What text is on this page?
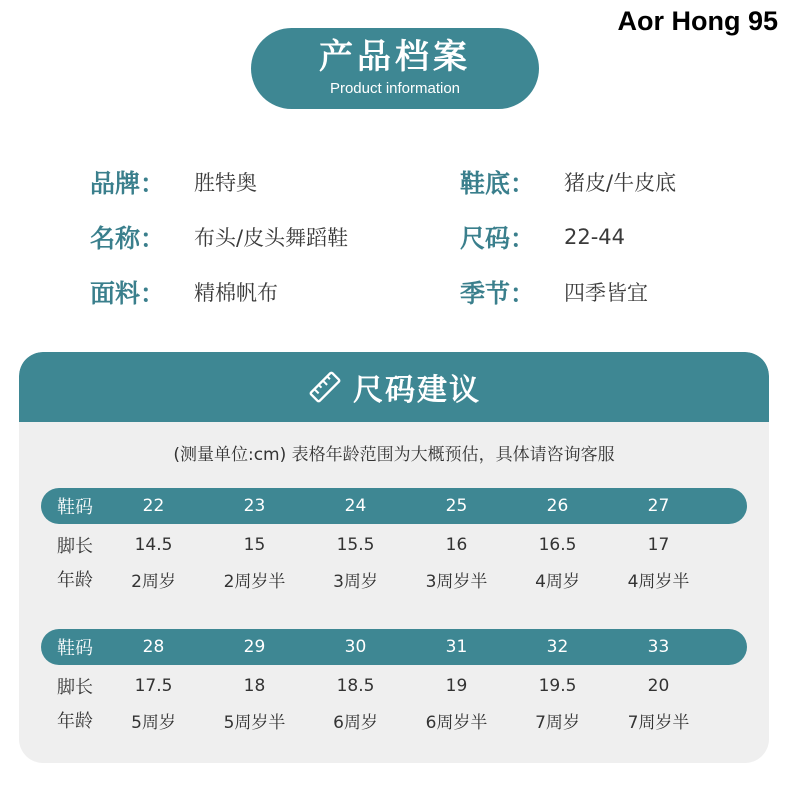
Aor Hong 95
产品档案
Product information
品牌：	胜特奥
名称：	布头/皮头舞蹈鞋
面料：	精棉帆布
鞋底：	猪皮/牛皮底
尺码：	22-44
季节：	四季皆宜
尺码建议
(测量单位:cm) 表格年龄范围为大概预估，具体请咨询客服
鞋码	22	23	24	25	26	27
脚长	14.5	15	15.5	16	16.5	17
年龄	2周岁	2周岁半	3周岁	3周岁半	4周岁	4周岁半
鞋码	28	29	30	31	32	33
脚长	17.5	18	18.5	19	19.5	20
年龄	5周岁	5周岁半	6周岁	6周岁半	7周岁	7周岁半
